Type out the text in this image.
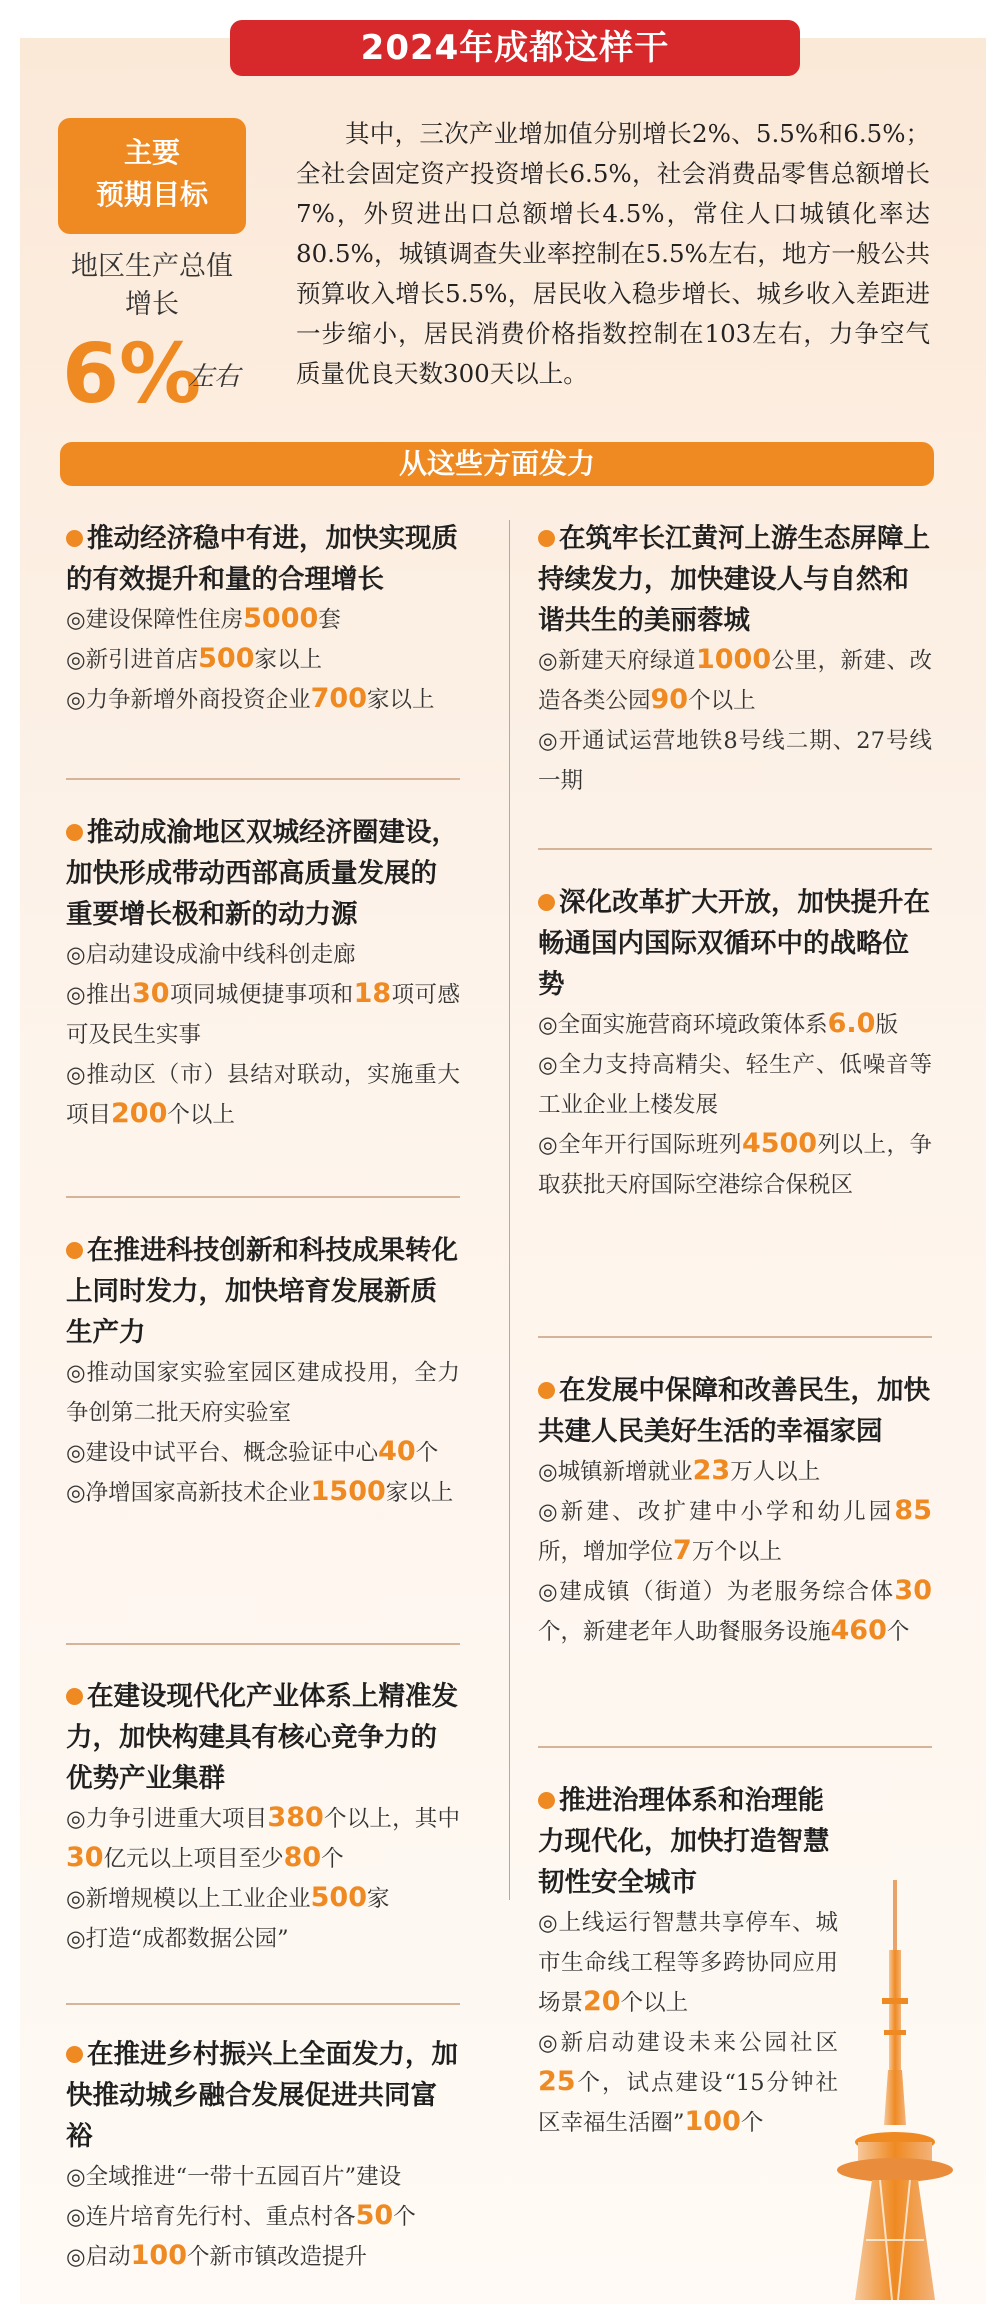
2024年成都这样干
主要
预期目标
地区生产总值
增长
6%
左右
其中，三次产业增加值分别增长2%、5.5%和6.5%；全社会固定资产投资增长6.5%，社会消费品零售总额增长7%，外贸进出口总额增长4.5%，常住人口城镇化率达80.5%，城镇调查失业率控制在5.5%左右，地方一般公共预算收入增长5.5%，居民收入稳步增长、城乡收入差距进一步缩小，居民消费价格指数控制在103左右，力争空气质量优良天数300天以上。
从这些方面发力
推动经济稳中有进，加快实现质的有效提升和量的合理增长
◎建设保障性住房5000套
◎新引进首店500家以上
◎力争新增外商投资企业700家以上
推动成渝地区双城经济圈建设，加快形成带动西部高质量发展的重要增长极和新的动力源
◎启动建设成渝中线科创走廊
◎推出30项同城便捷事项和18项可感可及民生实事
◎推动区（市）县结对联动，实施重大项目200个以上
在推进科技创新和科技成果转化上同时发力，加快培育发展新质生产力
◎推动国家实验室园区建成投用，全力争创第二批天府实验室
◎建设中试平台、概念验证中心40个
◎净增国家高新技术企业1500家以上
在建设现代化产业体系上精准发力，加快构建具有核心竞争力的优势产业集群
◎力争引进重大项目380个以上，其中30亿元以上项目至少80个
◎新增规模以上工业企业500家
◎打造“成都数据公园”
在推进乡村振兴上全面发力，加快推动城乡融合发展促进共同富裕
◎全域推进“一带十五园百片”建设
◎连片培育先行村、重点村各50个
◎启动100个新市镇改造提升
在筑牢长江黄河上游生态屏障上持续发力，加快建设人与自然和谐共生的美丽蓉城
◎新建天府绿道1000公里，新建、改造各类公园90个以上
◎开通试运营地铁8号线二期、27号线一期
深化改革扩大开放，加快提升在畅通国内国际双循环中的战略位势
◎全面实施营商环境政策体系6.0版
◎全力支持高精尖、轻生产、低噪音等工业企业上楼发展
◎全年开行国际班列4500列以上，争取获批天府国际空港综合保税区
在发展中保障和改善民生，加快共建人民美好生活的幸福家园
◎城镇新增就业23万人以上
◎新建、改扩建中小学和幼儿园85所，增加学位7万个以上
◎建成镇（街道）为老服务综合体30个，新建老年人助餐服务设施460个
推进治理体系和治理能力现代化，加快打造智慧韧性安全城市
◎上线运行智慧共享停车、城市生命线工程等多跨协同应用场景20个以上
◎新启动建设未来公园社区25个，试点建设“15分钟社区幸福生活圈”100个
